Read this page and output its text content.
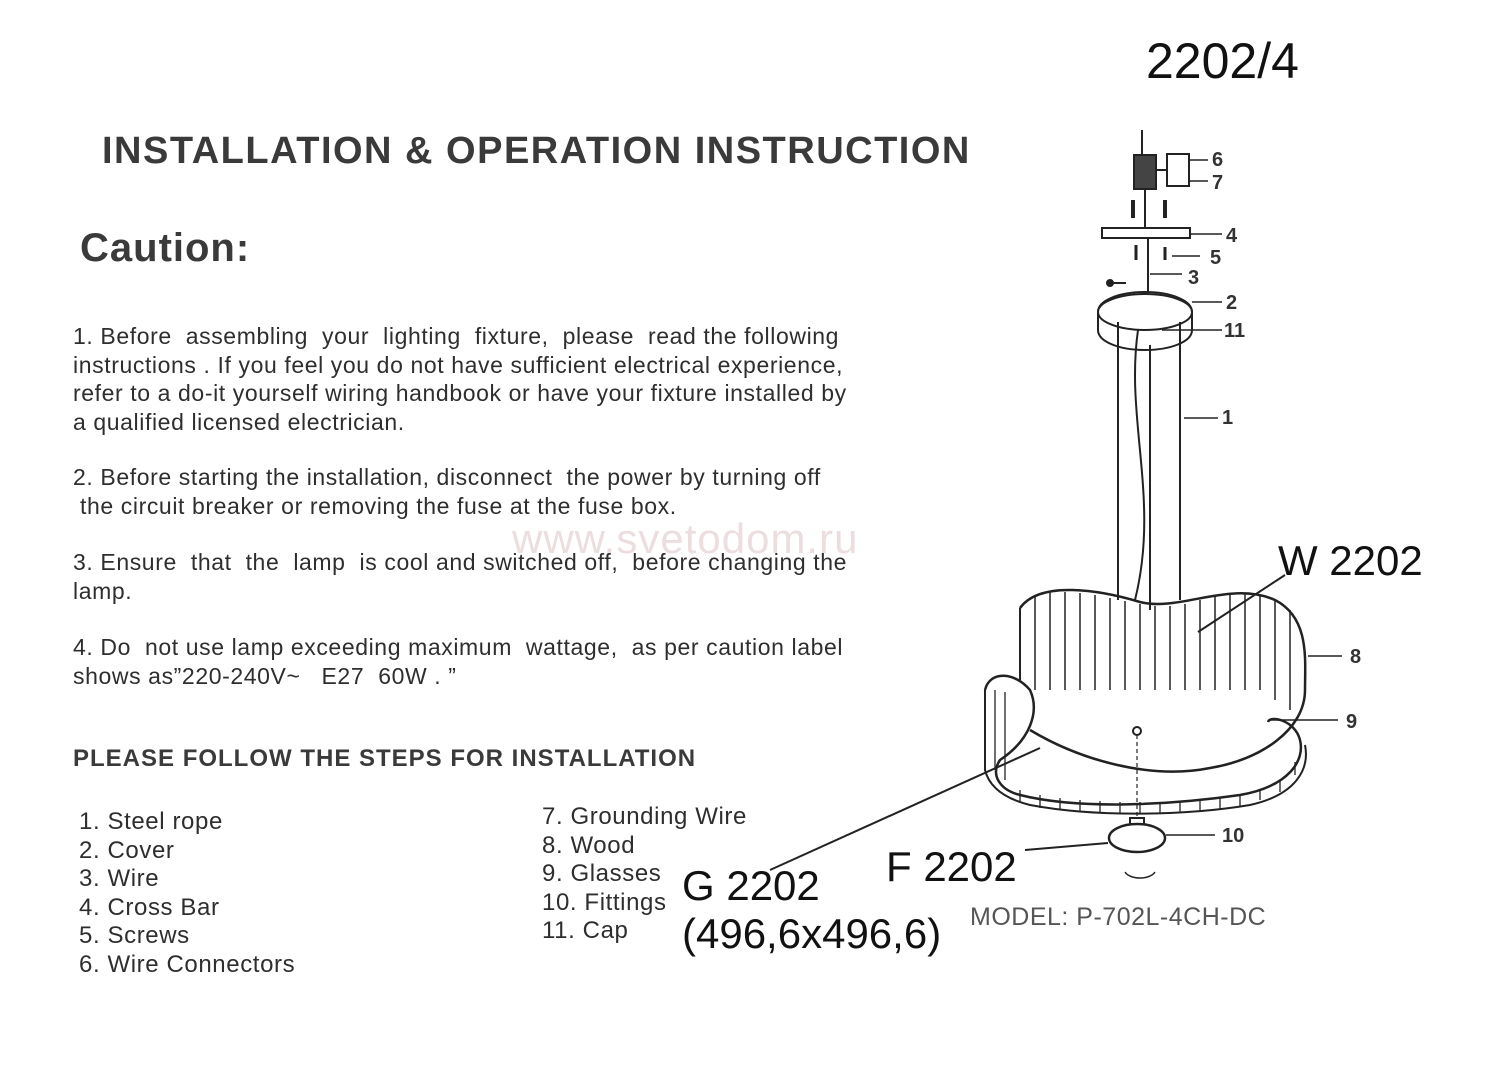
2202/4
INSTALLATION & OPERATION INSTRUCTION
Caution:
1. Before  assembling  your  lighting  fixture,  please  read the following
instructions . If you feel you do not have sufficient electrical experience,
refer to a do-it yourself wiring handbook or have your fixture installed by
a qualified licensed electrician.
2. Before starting the installation, disconnect  the power by turning off
the circuit breaker or removing the fuse at the fuse box.
3. Ensure  that  the  lamp  is cool and switched off,  before changing the
lamp.
4. Do  not use lamp exceeding maximum  wattage,  as per caution label
shows as”220-240V~   E27  60W . ”
www.svetodom.ru
PLEASE FOLLOW THE STEPS FOR INSTALLATION
1. Steel rope
2. Cover
3. Wire
4. Cross Bar
5. Screws
6. Wire Connectors
7. Grounding Wire
8. Wood
9. Glasses
10. Fittings
11. Cap
6
7
4
5
3
2
11
1
8
9
10
W 2202
F 2202
G 2202
(496,6x496,6) MODEL: P-702L-4CH-DC
